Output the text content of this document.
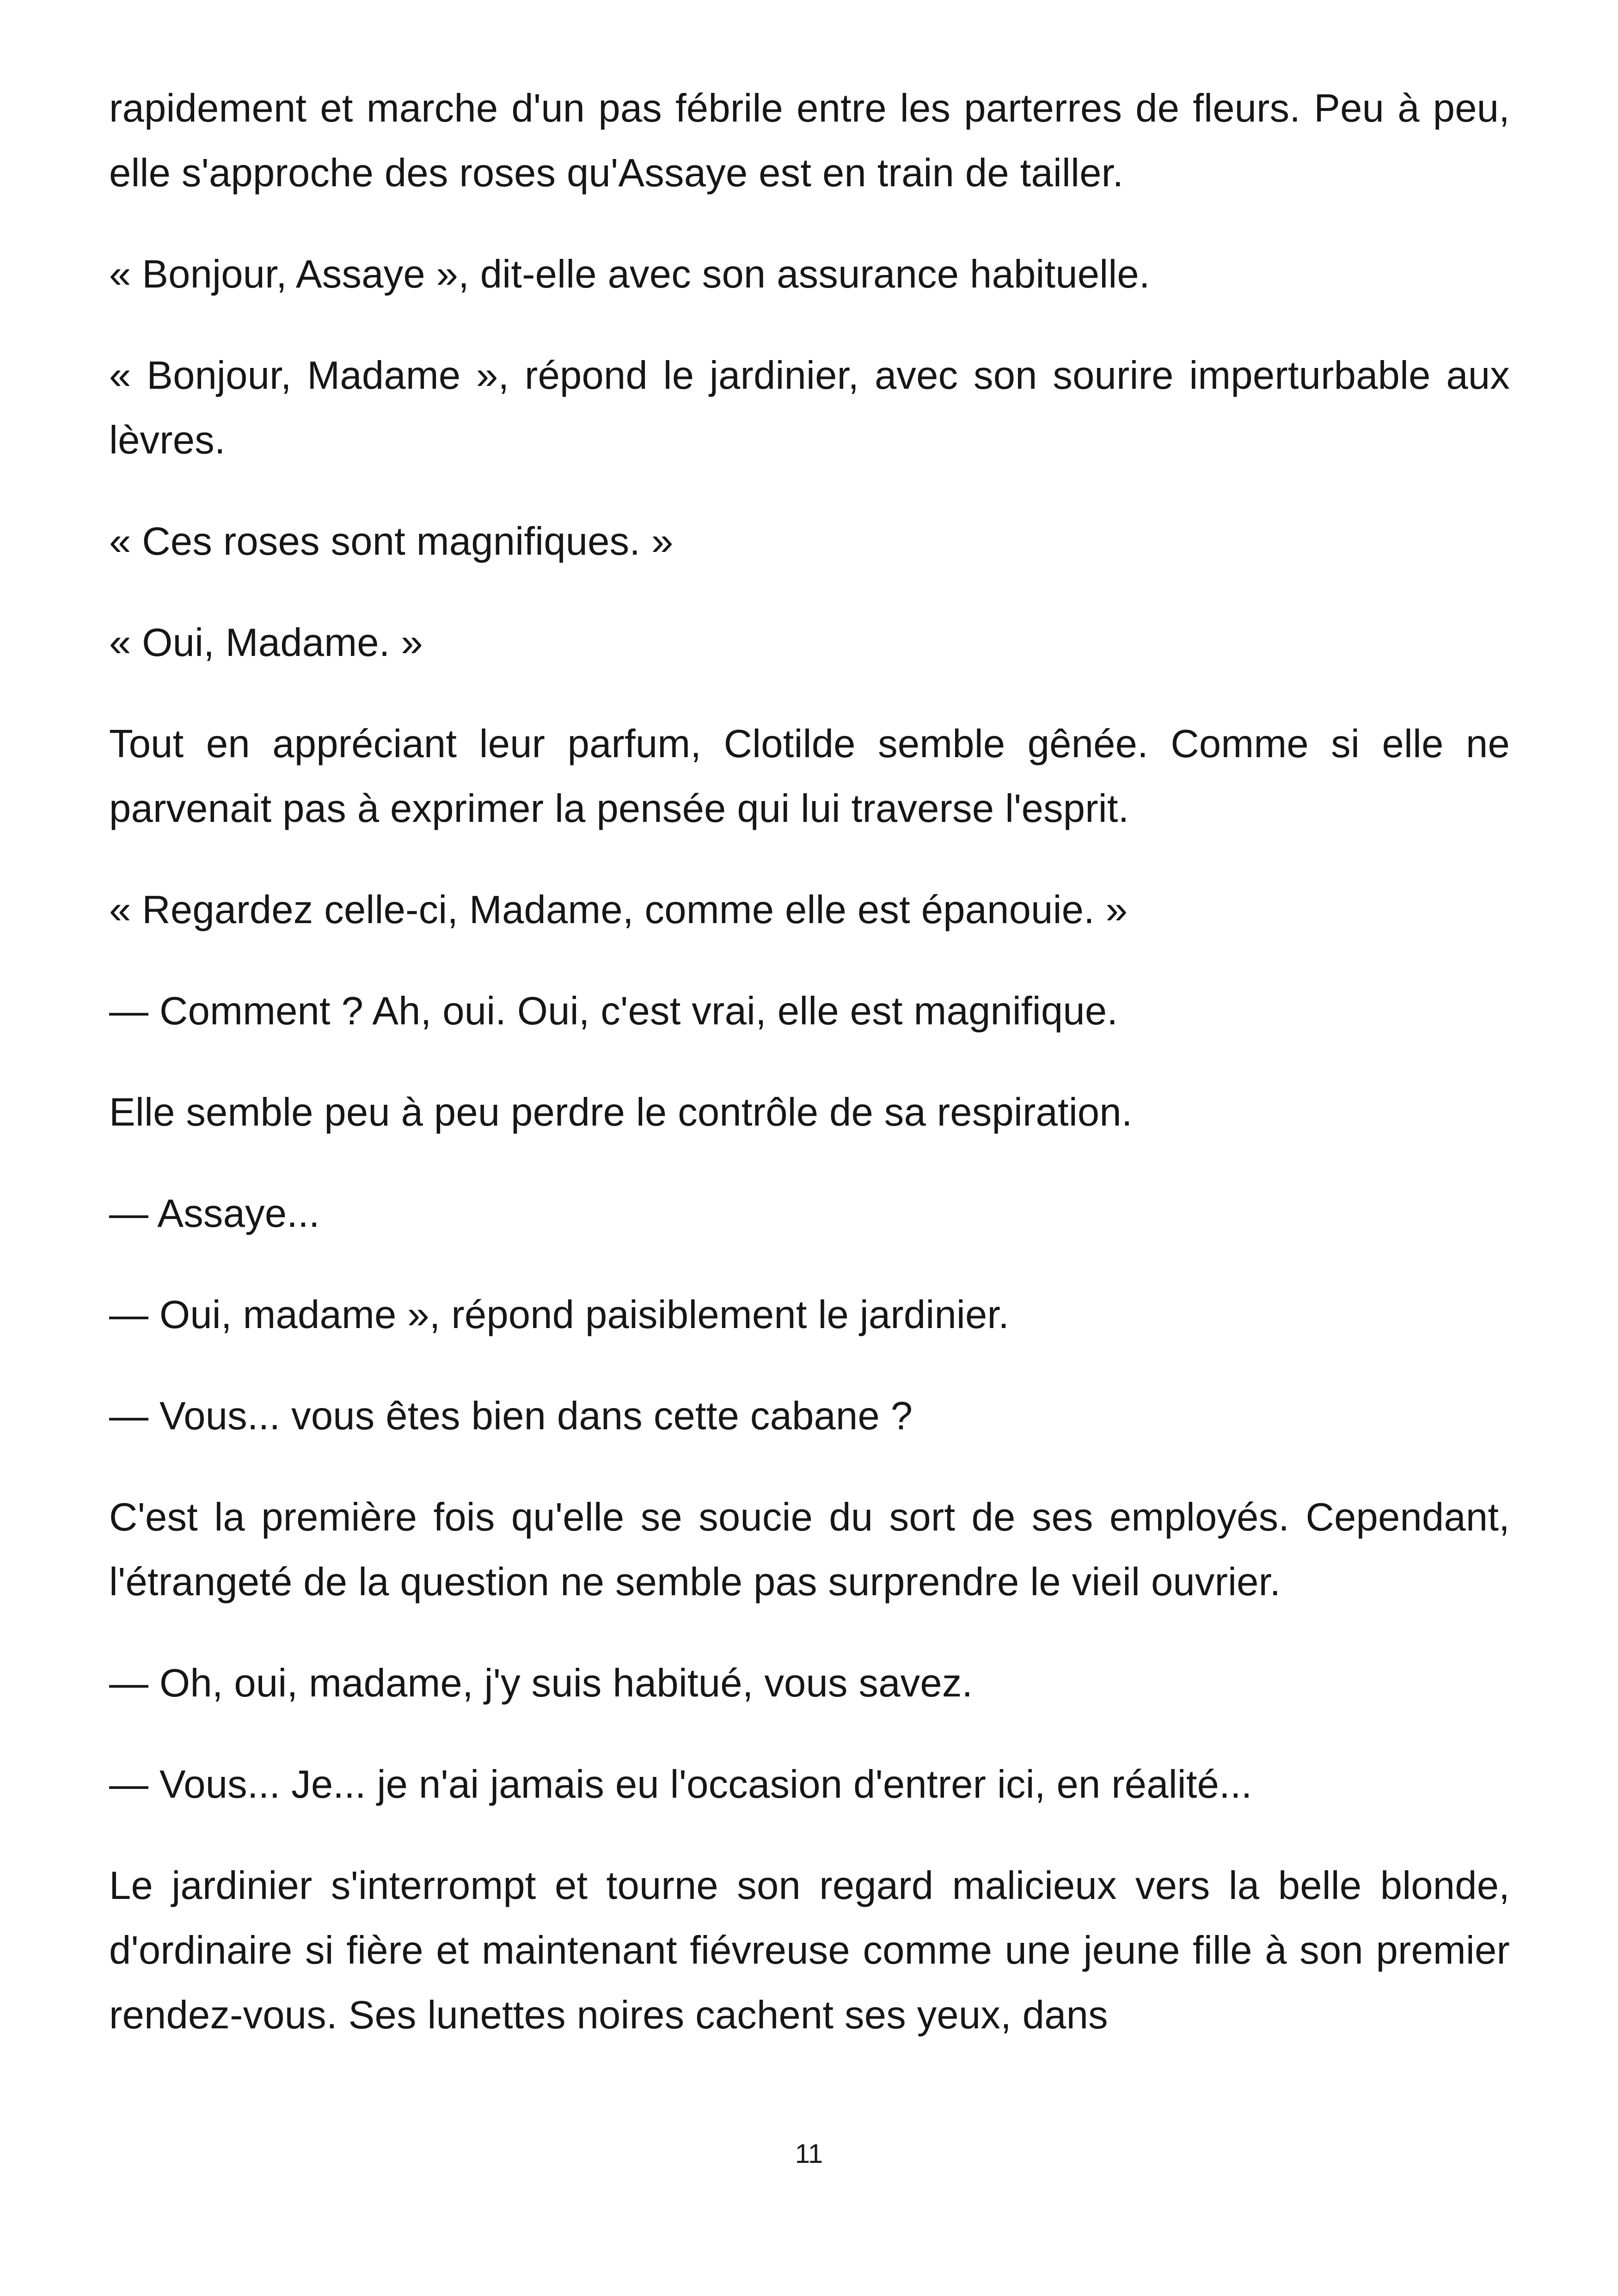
rapidement et marche d'un pas fébrile entre les parterres de fleurs. Peu à peu, elle s'approche des roses qu'Assaye est en train de tailler.

« Bonjour, Assaye », dit-elle avec son assurance habituelle.

« Bonjour, Madame », répond le jardinier, avec son sourire imperturbable aux lèvres.

« Ces roses sont magnifiques. »

« Oui, Madame. »

Tout en appréciant leur parfum, Clotilde semble gênée. Comme si elle ne parvenait pas à exprimer la pensée qui lui traverse l'esprit.

« Regardez celle-ci, Madame, comme elle est épanouie. »

— Comment ? Ah, oui. Oui, c'est vrai, elle est magnifique.

Elle semble peu à peu perdre le contrôle de sa respiration.

— Assaye...

— Oui, madame », répond paisiblement le jardinier.

— Vous... vous êtes bien dans cette cabane ?

C'est la première fois qu'elle se soucie du sort de ses employés. Cependant, l'étrangeté de la question ne semble pas surprendre le vieil ouvrier.

— Oh, oui, madame, j'y suis habitué, vous savez.

— Vous... Je... je n'ai jamais eu l'occasion d'entrer ici, en réalité...

Le jardinier s'interrompt et tourne son regard malicieux vers la belle blonde, d'ordinaire si fière et maintenant fiévreuse comme une jeune fille à son premier rendez-vous. Ses lunettes noires cachent ses yeux, dans

11
